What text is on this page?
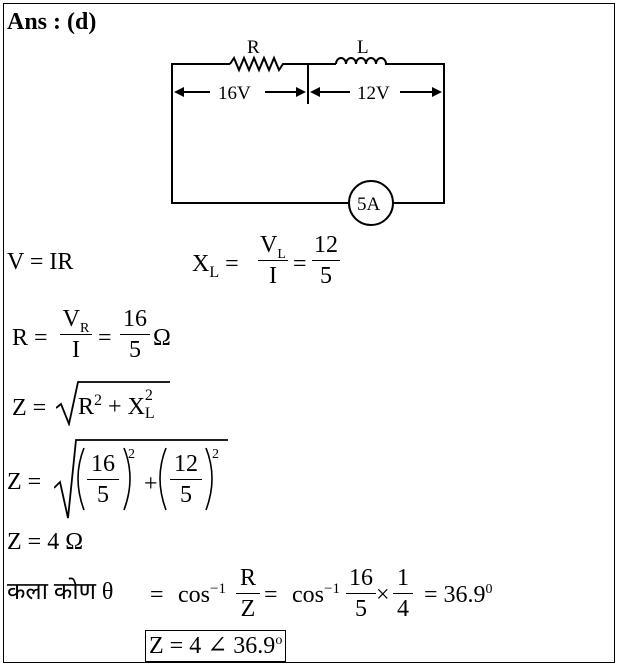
Ans : (d)
R	L
16V	12V
5A
V = IR	$X_L$ =
$V_L$
I =
12
5
R =
$V_R$
I =
16
5 Ω
$Z = R^2 + X$ 2
L
Z =
16
5
2
+
12
5
2
Z = 4 Ω
कला कोण $\theta = \cos^{-1} R$
Z
= $\cos^{-1} 16$
5
×
1
4
= $36.9^0$
Z = 4 ∠ 36.9$^o$
